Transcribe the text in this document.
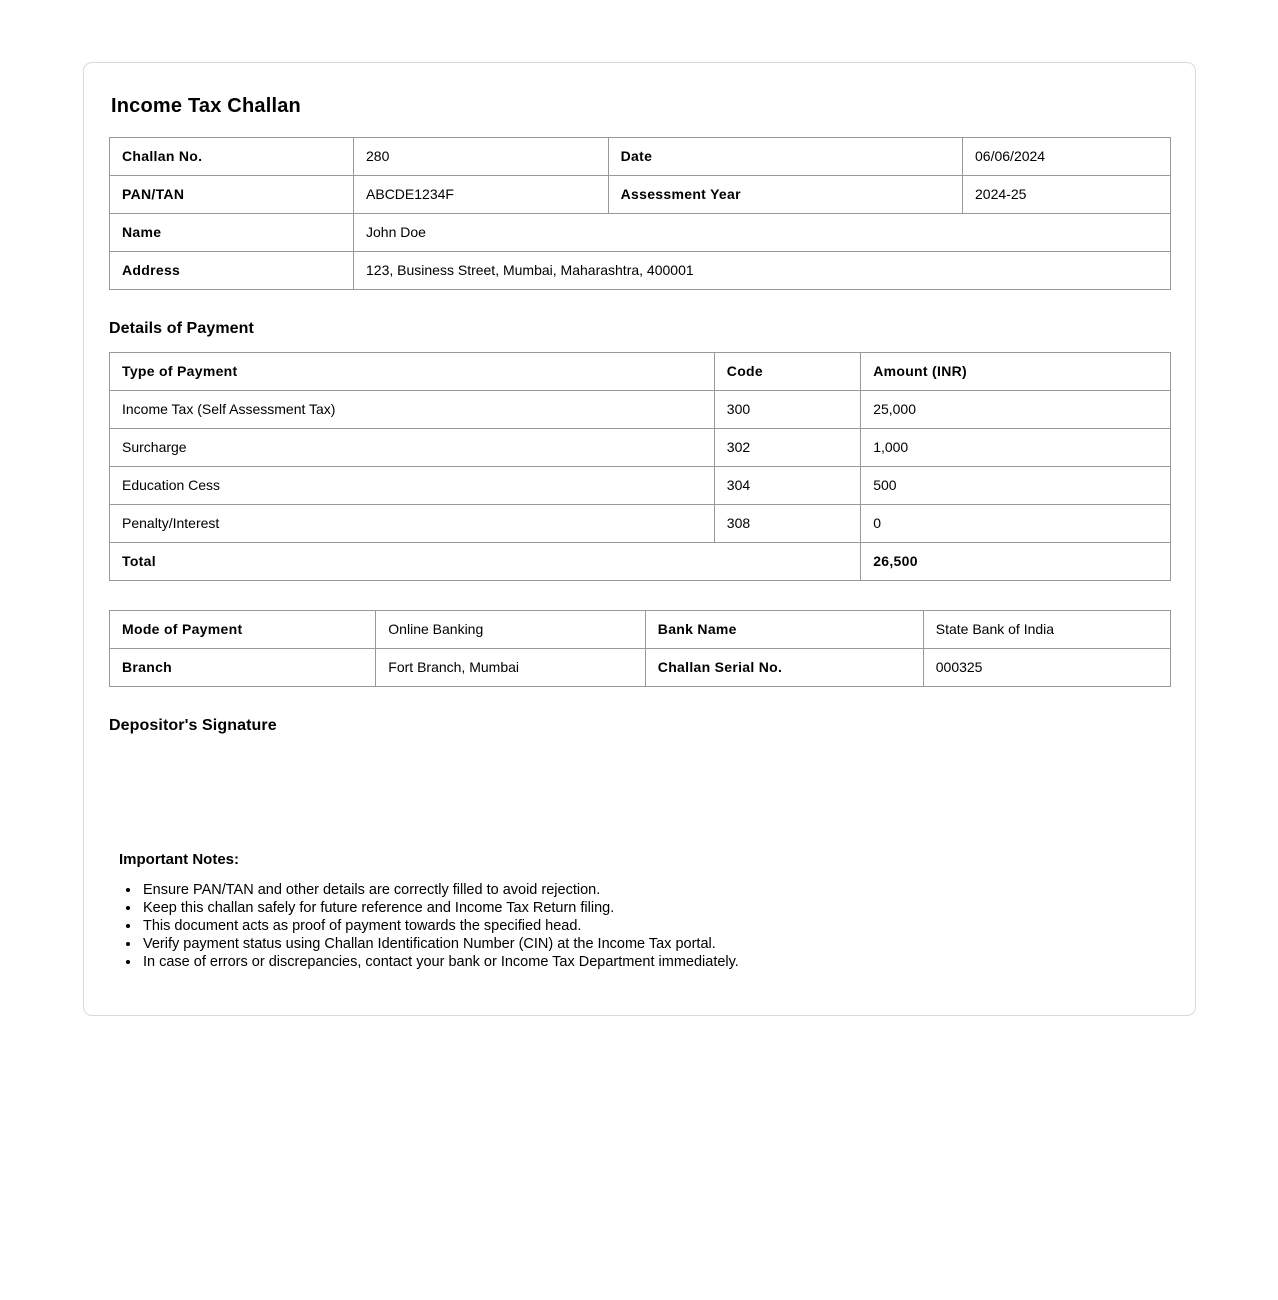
Income Tax Challan
Challan No.	280	Date	06/06/2024
PAN/TAN	ABCDE1234F	Assessment Year	2024-25
Name	John Doe		
Address	123, Business Street, Mumbai, Maharashtra, 400001		
Details of Payment
Type of Payment	Code	Amount (INR)
Income Tax (Self Assessment Tax)	300	25,000
Surcharge	302	1,000
Education Cess	304	500
Penalty/Interest	308	0
Total		26,500
Mode of Payment	Online Banking	Bank Name	State Bank of India
Branch	Fort Branch, Mumbai	Challan Serial No.	000325
Depositor's Signature
Important Notes:
• Ensure PAN/TAN and other details are correctly filled to avoid rejection.
• Keep this challan safely for future reference and Income Tax Return filing.
• This document acts as proof of payment towards the specified head.
• Verify payment status using Challan Identification Number (CIN) at the Income Tax portal.
• In case of errors or discrepancies, contact your bank or Income Tax Department immediately.
